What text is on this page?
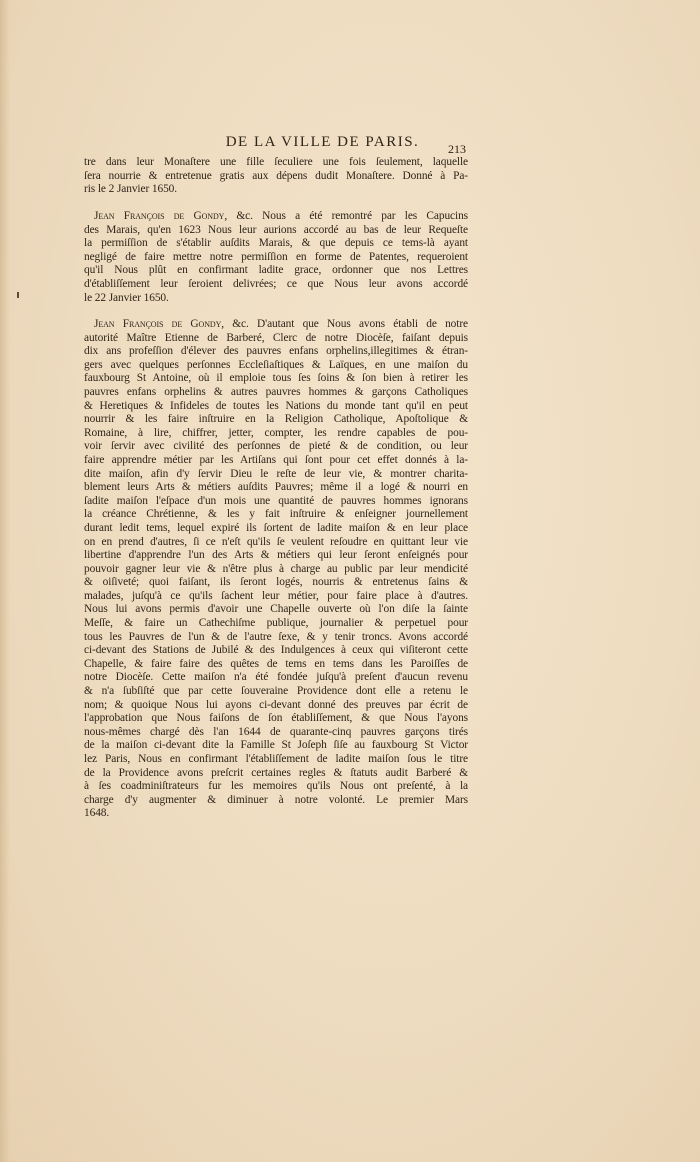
DE LA VILLE DE PARIS.	213
tre dans leur Monaſtere une fille ſeculiere une fois ſeulement, laquelle
ſera nourrie & entretenue gratis aux dépens dudit Monaſtere. Donné à Pa-
ris le 2 Janvier 1650.
Jean François de Gondy, &c. Nous a été remontré par les Capucins
des Marais, qu'en 1623 Nous leur aurions accordé au bas de leur Requeſte
la permiſſion de s'établir auſdits Marais, & que depuis ce tems-là ayant
negligé de faire mettre notre permiſſion en forme de Patentes, requeroient
qu'il Nous plût en confirmant ladite grace, ordonner que nos Lettres
d'établiſſement leur ſeroient delivrées; ce que Nous leur avons accordé
le 22 Janvier 1650.
Jean François de Gondy, &c. D'autant que Nous avons établi de notre
autorité Maître Etienne de Barberé, Clerc de notre Diocèſe, faiſant depuis
dix ans profeſſion d'élever des pauvres enfans orphelins,illegitimes & étran-
gers avec quelques perſonnes Eccleſiaſtiques & Laïques, en une maiſon du
fauxbourg St Antoine, où il emploie tous ſes ſoins & ſon bien à retirer les
pauvres enfans orphelins & autres pauvres hommes & garçons Catholiques
& Heretiques & Infideles de toutes les Nations du monde tant qu'il en peut
nourrir & les faire inſtruire en la Religion Catholique, Apoſtolique &
Romaine, à lire, chiffrer, jetter, compter, les rendre capables de pou-
voir ſervir avec civilité des perſonnes de pieté & de condition, ou leur
faire apprendre métier par les Artiſans qui ſont pour cet effet donnés à la-
dite maiſon, afin d'y ſervir Dieu le reſte de leur vie, & montrer charita-
blement leurs Arts & métiers auſdits Pauvres; même il a logé & nourri en
ſadite maiſon l'eſpace d'un mois une quantité de pauvres hommes ignorans
la créance Chrétienne, & les y fait inſtruire & enſeigner journellement
durant ledit tems, lequel expiré ils ſortent de ladite maiſon & en leur place
on en prend d'autres, ſi ce n'eſt qu'ils ſe veulent reſoudre en quittant leur vie
libertine d'apprendre l'un des Arts & métiers qui leur ſeront enſeignés pour
pouvoir gagner leur vie & n'être plus à charge au public par leur mendicité
& oiſiveté; quoi faiſant, ils ſeront logés, nourris & entretenus ſains &
malades, juſqu'à ce qu'ils ſachent leur métier, pour faire place à d'autres.
Nous lui avons permis d'avoir une Chapelle ouverte où l'on diſe la ſainte
Meſſe, & faire un Cathechiſme publique, journalier & perpetuel pour
tous les Pauvres de l'un & de l'autre ſexe, & y tenir troncs. Avons accordé
ci-devant des Stations de Jubilé & des Indulgences à ceux qui viſiteront cette
Chapelle, & faire faire des quêtes de tems en tems dans les Paroiſſes de
notre Diocèſe. Cette maiſon n'a été fondée juſqu'à preſent d'aucun revenu
& n'a ſubſiſté que par cette ſouveraine Providence dont elle a retenu le
nom; & quoique Nous lui ayons ci-devant donné des preuves par écrit de
l'approbation que Nous faiſons de ſon établiſſement, & que Nous l'ayons
nous-mêmes chargé dès l'an 1644 de quarante-cinq pauvres garçons tirés
de la maiſon ci-devant dite la Famille St Joſeph ſiſe au fauxbourg St Victor
lez Paris, Nous en confirmant l'établiſſement de ladite maiſon ſous le titre
de la Providence avons preſcrit certaines regles & ſtatuts audit Barberé &
à ſes coadminiſtrateurs fur les memoires qu'ils Nous ont preſenté, à la
charge d'y augmenter & diminuer à notre volonté. Le premier Mars
1648.
